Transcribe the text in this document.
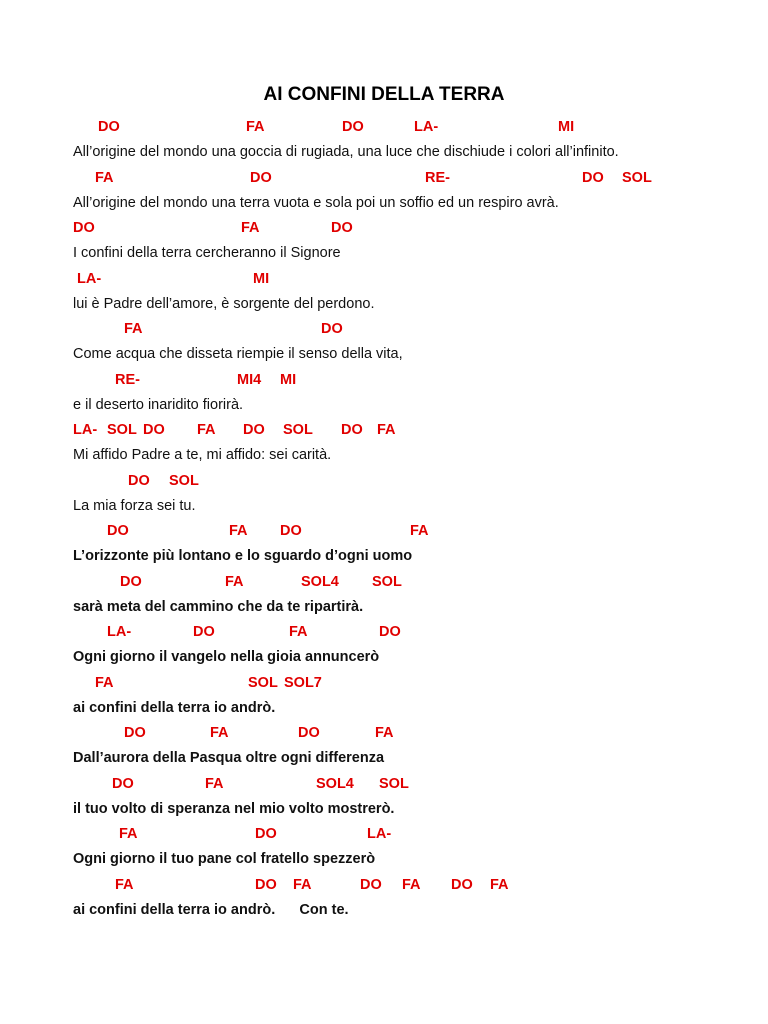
AI CONFINI DELLA TERRA
DO	FA	DO	LA-	MI
All’origine del mondo una goccia di rugiada, una luce che dischiude i colori all’infinito.
FA	DO	RE-	DO SOL
All’origine del mondo una terra vuota e sola poi un soffio ed un respiro avrà.
DO	FA	DO
I confini della terra cercheranno il Signore
LA-	MI
lui è Padre dell’amore, è sorgente del perdono.
FA	DO
Come acqua che disseta riempie il senso della vita,
RE-	MI4 MI
e il deserto inaridito fiorirà.
LA- SOL DO FA DO SOL DO FA
Mi affido Padre a te, mi affido: sei carità.
DO SOL
La mia forza sei tu.
DO	FA DO	FA
L’orizzonte più lontano e lo sguardo d’ogni uomo
DO	FA	SOL4 SOL
sarà meta del cammino che da te ripartirà.
LA-	DO	FA	DO
Ogni giorno il vangelo nella gioia annuncerò
FA	SOL SOL7
ai confini della terra io andrò.
DO	FA	DO	FA
Dall’aurora della Pasqua oltre ogni differenza
DO	FA	SOL4 SOL
il tuo volto di speranza nel mio volto mostrerò.
FA	DO	LA-
Ogni giorno il tuo pane col fratello spezzerò
FA	DO FA	DO FA DO FA
ai confini della terra io andrò.      Con te.
